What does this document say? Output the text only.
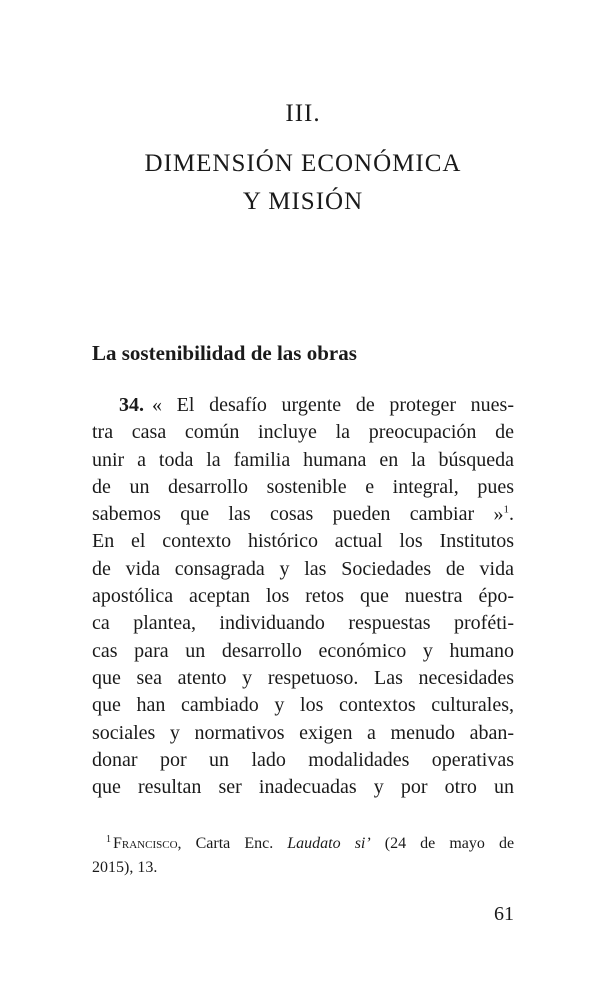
III.
DIMENSIÓN ECONÓMICA
Y MISIÓN
La sostenibilidad de las obras
34. « El desafío urgente de proteger nues-
tra casa común incluye la preocupación de
unir a toda la familia humana en la búsqueda
de un desarrollo sostenible e integral, pues
sabemos que las cosas pueden cambiar »$^1$.
En el contexto histórico actual los Institutos
de vida consagrada y las Sociedades de vida
apostólica aceptan los retos que nuestra épo-
ca plantea, individuando respuestas proféti-
cas para un desarrollo económico y humano
que sea atento y respetuoso. Las necesidades
que han cambiado y los contextos culturales,
sociales y normativos exigen a menudo aban-
donar por un lado modalidades operativas
que resultan ser inadecuadas y por otro un
$^1$ Francisco, Carta Enc. Laudato si’ (24 de mayo de
2015), 13.
61
